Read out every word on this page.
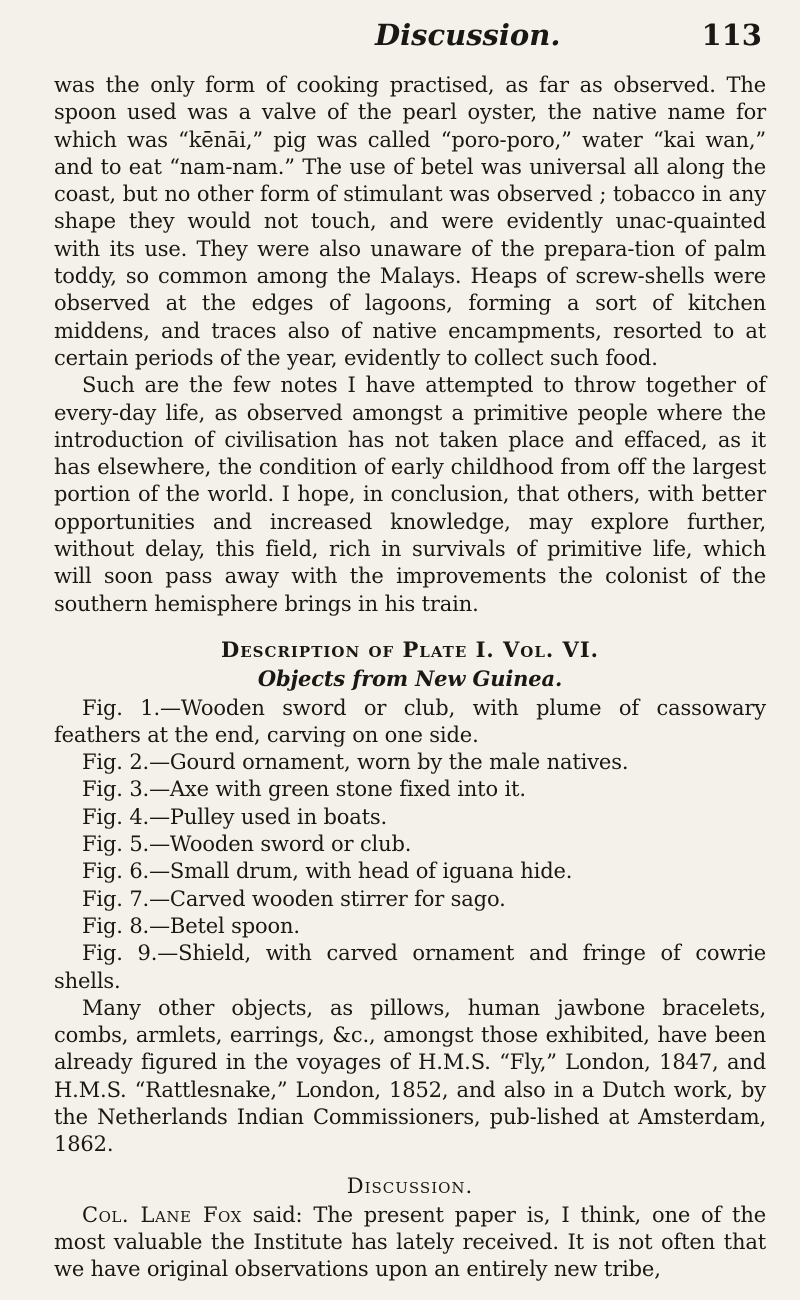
Discussion.	113

was the only form of cooking practised, as far as observed. The spoon used was a valve of the pearl oyster, the native name for which was “kēnāi,” pig was called “poro-poro,” water “kai wan,” and to eat “nam-nam.” The use of betel was universal all along the coast, but no other form of stimulant was observed ; tobacco in any shape they would not touch, and were evidently unac-quainted with its use. They were also unaware of the prepara-tion of palm toddy, so common among the Malays. Heaps of screw-shells were observed at the edges of lagoons, forming a sort of kitchen middens, and traces also of native encampments, resorted to at certain periods of the year, evidently to collect such food.

Such are the few notes I have attempted to throw together of every-day life, as observed amongst a primitive people where the introduction of civilisation has not taken place and effaced, as it has elsewhere, the condition of early childhood from off the largest portion of the world. I hope, in conclusion, that others, with better opportunities and increased knowledge, may explore further, without delay, this field, rich in survivals of primitive life, which will soon pass away with the improvements the colonist of the southern hemisphere brings in his train.

Description of Plate I. Vol. VI.

Objects from New Guinea.

Fig. 1.—Wooden sword or club, with plume of cassowary feathers at the end, carving on one side.

Fig. 2.—Gourd ornament, worn by the male natives.

Fig. 3.—Axe with green stone fixed into it.

Fig. 4.—Pulley used in boats.

Fig. 5.—Wooden sword or club.

Fig. 6.—Small drum, with head of iguana hide.

Fig. 7.—Carved wooden stirrer for sago.

Fig. 8.—Betel spoon.

Fig. 9.—Shield, with carved ornament and fringe of cowrie shells.

Many other objects, as pillows, human jawbone bracelets, combs, armlets, earrings, &c., amongst those exhibited, have been already figured in the voyages of H.M.S. “Fly,” London, 1847, and H.M.S. “Rattlesnake,” London, 1852, and also in a Dutch work, by the Netherlands Indian Commissioners, pub-lished at Amsterdam, 1862.

Discussion.

Col. Lane Fox said: The present paper is, I think, one of the most valuable the Institute has lately received. It is not often that we have original observations upon an entirely new tribe,
